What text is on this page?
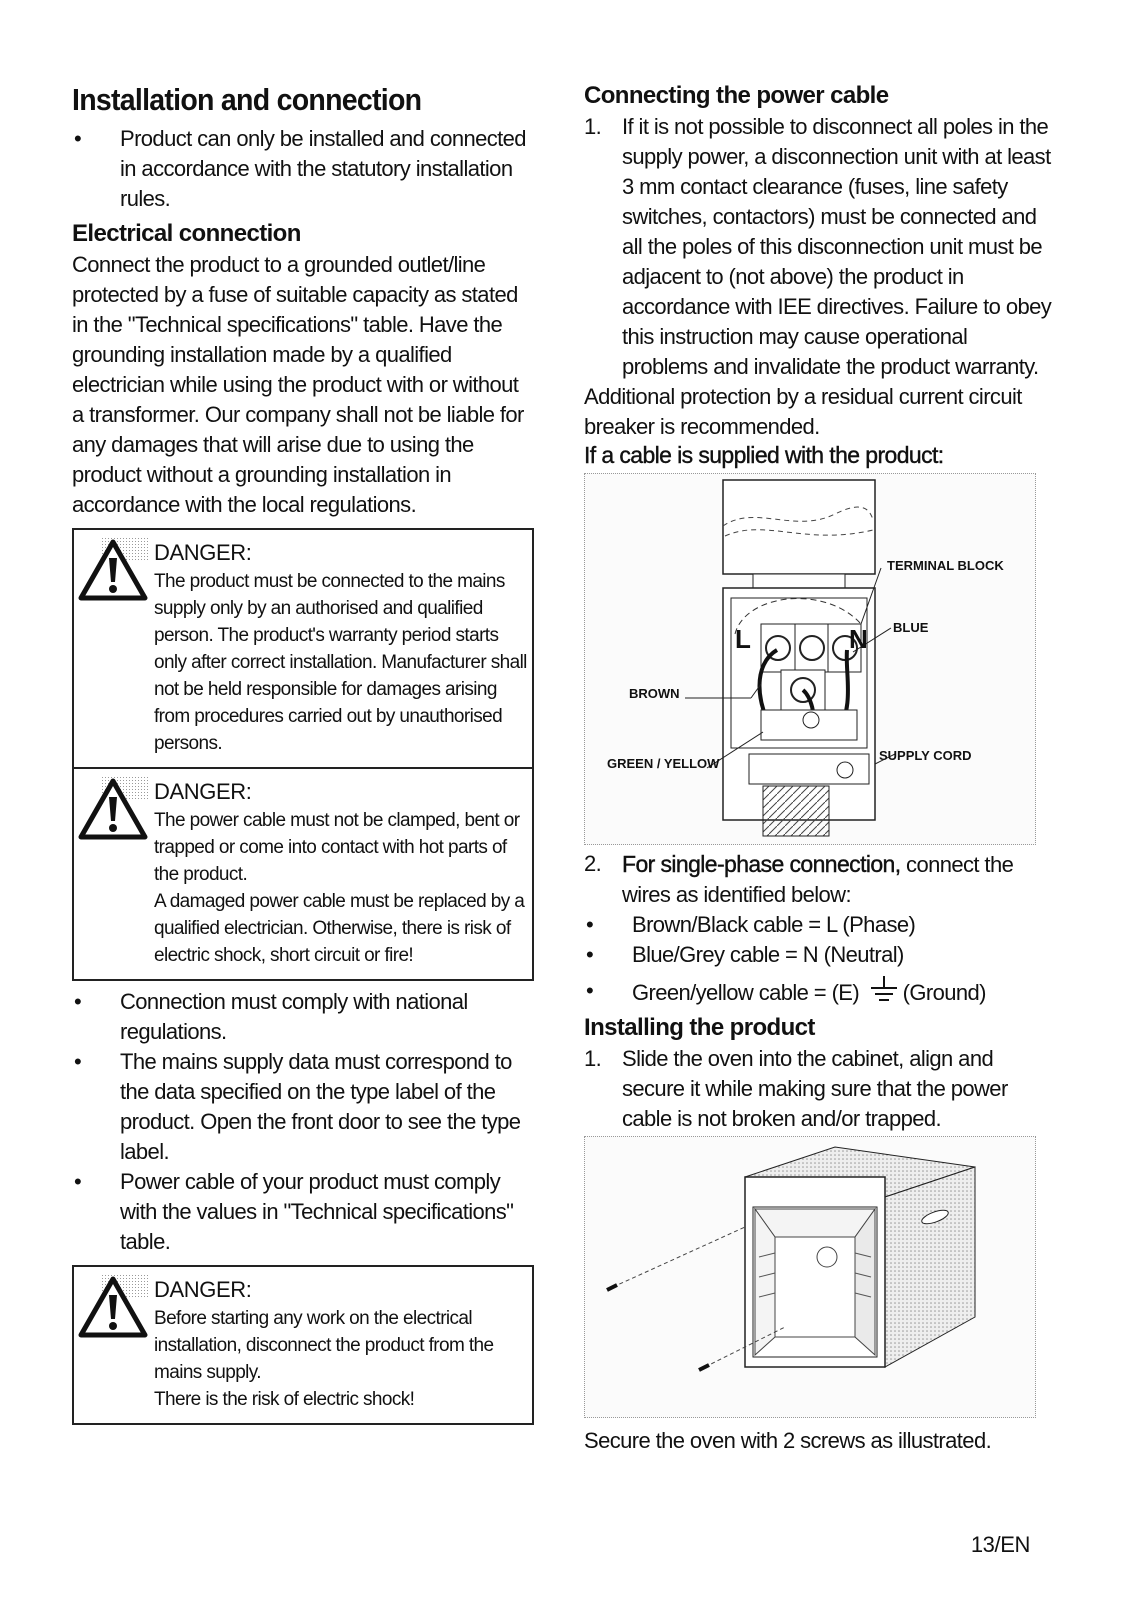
Installation and connection
• Product can only be installed and connected in accordance with the statutory installation rules.
Electrical connection

Connect the product to a grounded outlet/line protected by a fuse of suitable capacity as stated in the "Technical specifications" table. Have the grounding installation made by a qualified electrician while using the product with or without a transformer. Our company shall not be liable for any damages that will arise due to using the product without a grounding installation in accordance with the local regulations.

DANGER:
The product must be connected to the mains supply only by an authorised and qualified person. The product's warranty period starts only after correct installation. Manufacturer shall not be held responsible for damages arising from procedures carried out by unauthorised persons.
DANGER:
The power cable must not be clamped, bent or trapped or come into contact with hot parts of the product.
A damaged power cable must be replaced by a qualified electrician. Otherwise, there is risk of electric shock, short circuit or fire!
• Connection must comply with national regulations.
• The mains supply data must correspond to the data specified on the type label of the product. Open the front door to see the type label.
• Power cable of your product must comply with the values in "Technical specifications" table.
DANGER:
Before starting any work on the electrical installation, disconnect the product from the mains supply.
There is the risk of electric shock!
Connecting the power cable
1. If it is not possible to disconnect all poles in the supply power, a disconnection unit with at least 3 mm contact clearance (fuses, line safety switches, contactors) must be connected and all the poles of this disconnection unit must be adjacent to (not above) the product in accordance with IEE directives. Failure to obey this instruction may cause operational problems and invalidate the product warranty.

Additional protection by a residual current circuit breaker is recommended.

If a cable is supplied with the product:
L	N
TERMINAL BLOCK
BLUE
BROWN
GREEN / YELLOW
SUPPLY CORD
2. For single-phase connection, connect the wires as identified below:
• Brown/Black cable = L (Phase)
• Blue/Grey cable = N (Neutral)
• Green/yellow cable = (E) (Ground)
Installing the product
1. Slide the oven into the cabinet, align and secure it while making sure that the power cable is not broken and/or trapped.
Secure the oven with 2 screws as illustrated.
13/EN
